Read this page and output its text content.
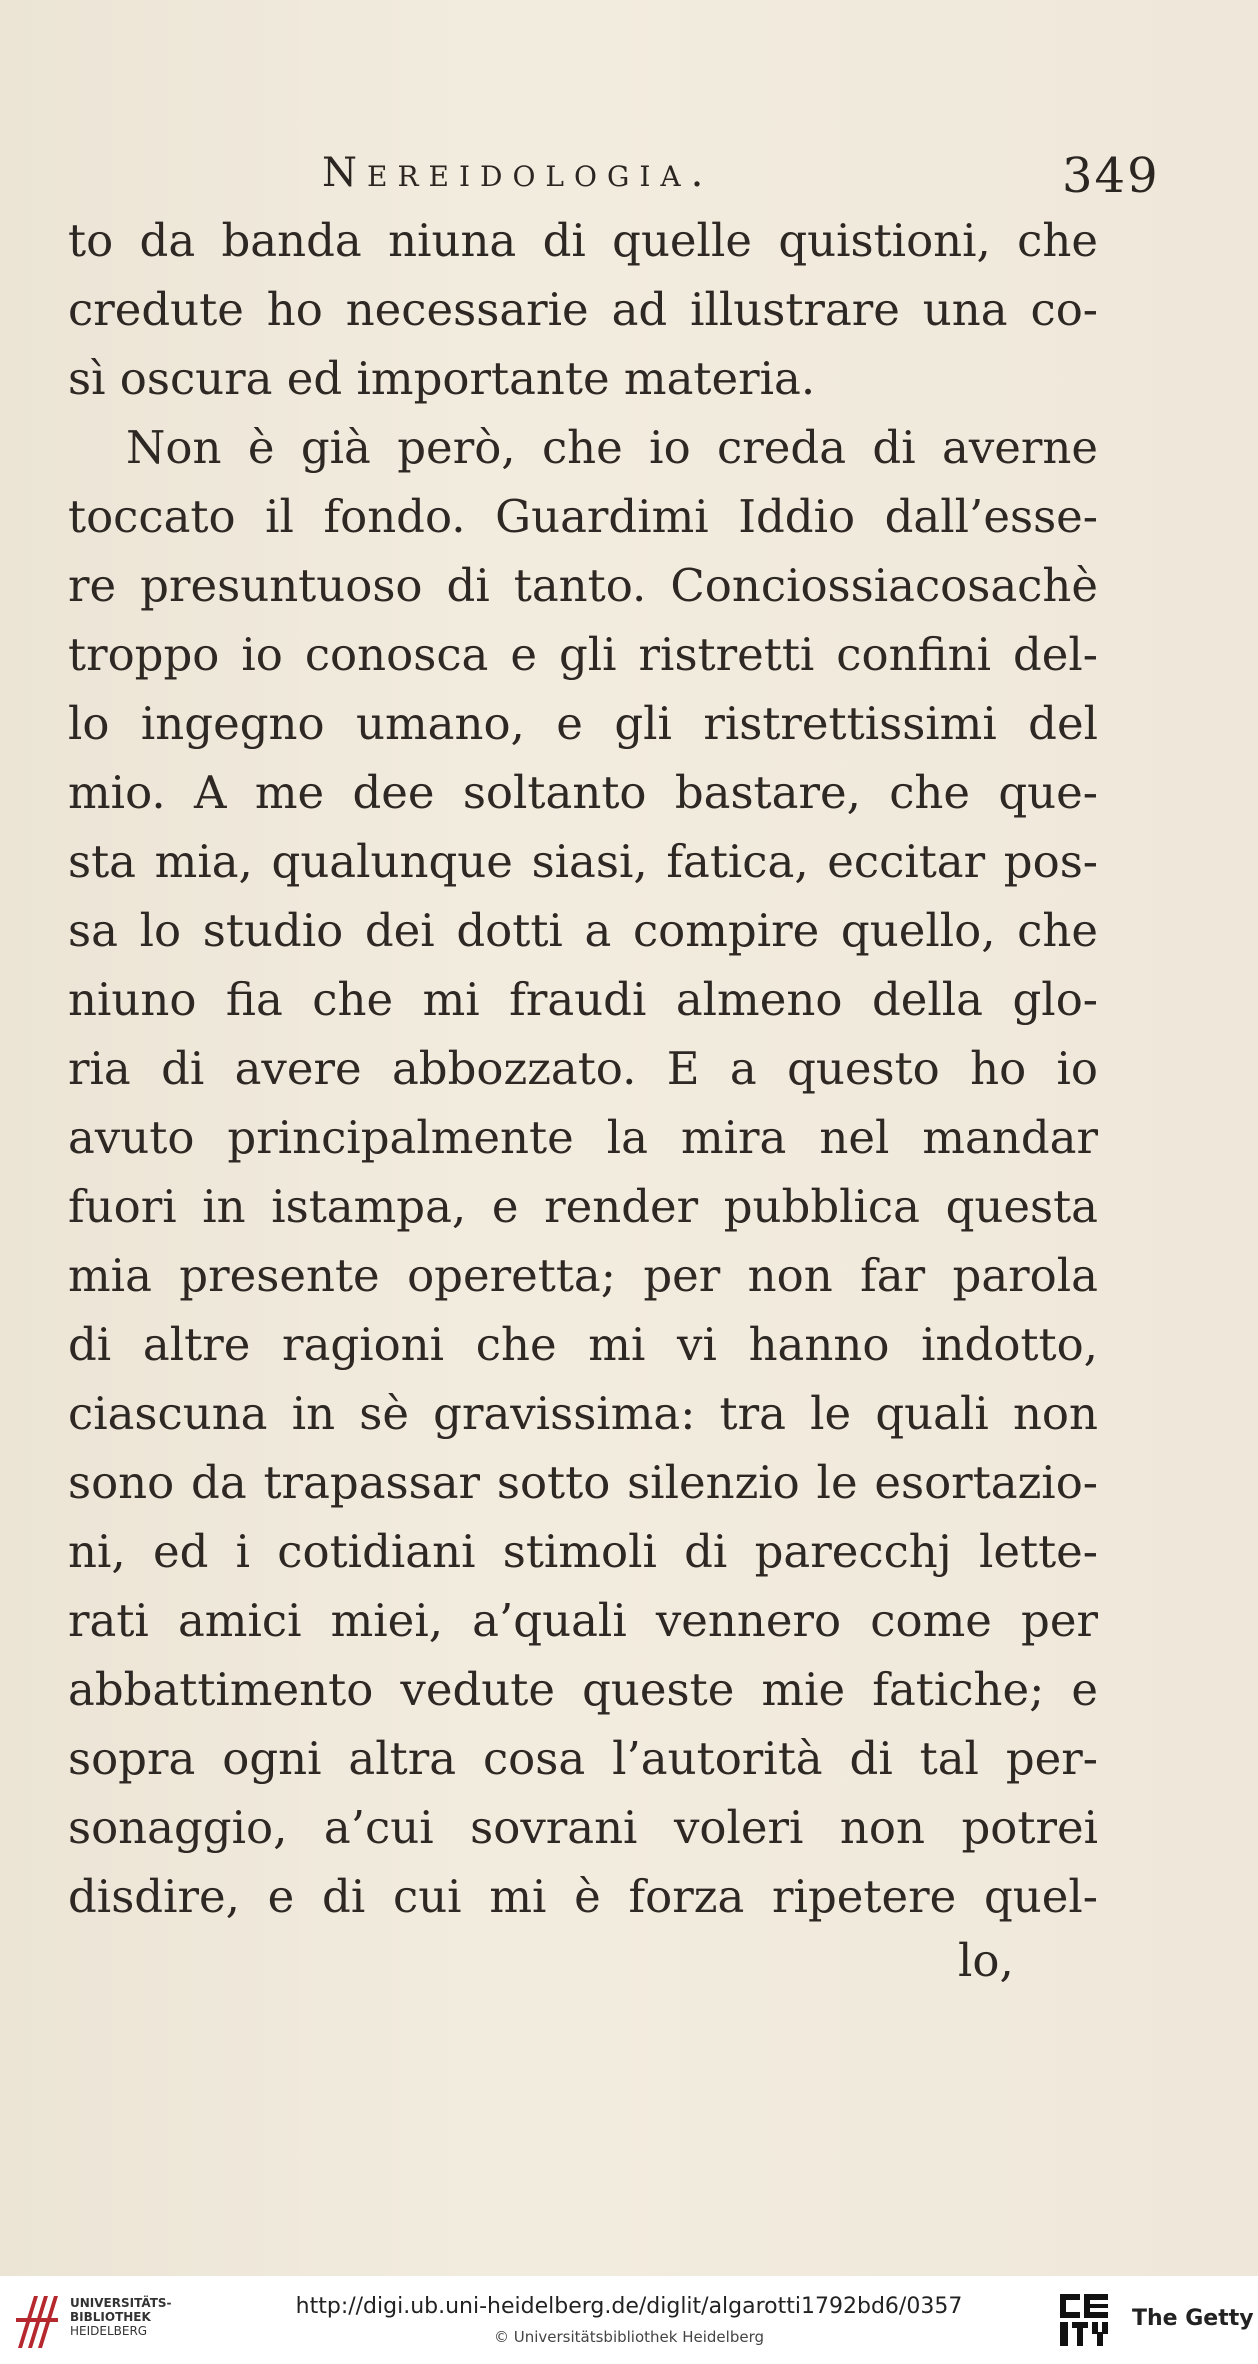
Nereidologia.	349
to da banda niuna di quelle quistioni, che
credute ho necessarie ad illustrare una co-
sì oscura ed importante materia.
Non è già però, che io creda di averne
toccato il fondo. Guardimi Iddio dall’esse-
re presuntuoso di tanto. Conciossiacosachè
troppo io conosca e gli ristretti confini del-
lo ingegno umano, e gli ristrettissimi del
mio. A me dee soltanto bastare, che que-
sta mia, qualunque siasi, fatica, eccitar pos-
sa lo studio dei dotti a compire quello, che
niuno fia che mi fraudi almeno della glo-
ria di avere abbozzato. E a questo ho io
avuto principalmente la mira nel mandar
fuori in istampa, e render pubblica questa
mia presente operetta; per non far parola
di altre ragioni che mi vi hanno indotto,
ciascuna in sè gravissima: tra le quali non
sono da trapassar sotto silenzio le esortazio-
ni, ed i cotidiani stimoli di parecchj lette-
rati amici miei, a’quali vennero come per
abbattimento vedute queste mie fatiche; e
sopra ogni altra cosa l’autorità di tal per-
sonaggio, a’cui sovrani voleri non potrei
disdire, e di cui mi è forza ripetere quel-
lo,
UNIVERSITÄTS-
BIBLIOTHEK
HEIDELBERG
http://digi.ub.uni-heidelberg.de/diglit/algarotti1792bd6/0357
© Universitätsbibliothek Heidelberg
The Getty
